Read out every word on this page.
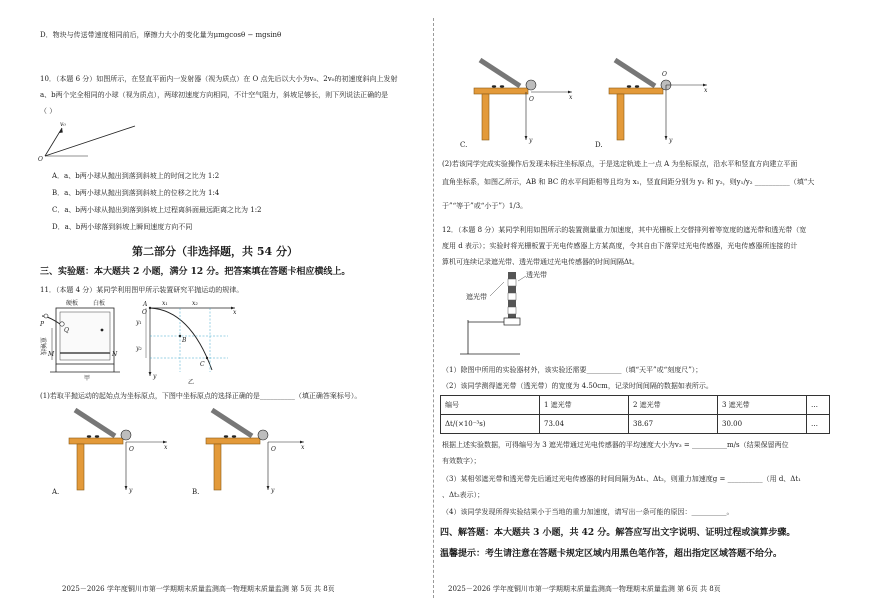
D．物块与传送带速度相同前后，摩擦力大小的变化量为μmgcosθ − mgsinθ
10．（本题 6 分）如图所示，在竖直平面内一发射器（视为质点）在 O 点先后以大小为v₀、2v₀的初速度斜向上发射
a、b两个完全相同的小球（视为质点），两球初速度方向相同，不计空气阻力，斜坡足够长，则下列说法正确的是
（ ）
v₀
O
A．a、b两小球从抛出到落到斜坡上的时间之比为 1:2
B．a、b两小球从抛出到落到斜坡上的位移之比为 1:4
C．a、b两小球从抛出到落到斜坡上过程离斜面最远距离之比为 1:2
D．a、b两小球落到斜坡上瞬间速度方向不同
第二部分（非选择题，共 54 分）
三、实验题：本大题共 2 小题，满分 12 分。把答案填在答题卡相应横线上。
11．（本题 4 分）某同学利用图甲所示装置研究平抛运动的规律。
硬板 白板
P
Q
M	N
重锤线
甲
A
B
C
O	x
y
x₁	x₂
y₁
y₂
乙
(1)若取平抛运动的起始点为坐标原点，下图中坐标原点的选择正确的是__________（填正确答案标号）。
O	x
y
A.
O	x
y
B.
2025－2026 学年度铜川市第一学期期末质量监测高一物理期末质量监测 第 5页 共 8页
O	x
y
C.
O
x
y
D.
(2)若该同学完成实验操作后发现未标注坐标原点，于是选定轨迹上一点 A 为坐标原点，沿水平和竖直方向建立平面
直角坐标系，如图乙所示，AB 和 BC 的水平间距相等且均为 x₁，竖直间距分别为 y₁ 和 y₂，则y₁/y₂ __________（填“大
于”“等于”或“小于”）1/3。
12．（本题 8 分）某同学利用如图所示的装置测量重力加速度，其中光栅板上交替排列着等宽度的遮光带和透光带（宽
度用 d 表示）；实验时将光栅板置于光电传感器上方某高度，令其自由下落穿过光电传感器，光电传感器所连接的计
算机可连续记录遮光带、透光带通过光电传感器的时间间隔Δt。
遮光带
透光带
（1）除图中所用的实验器材外，该实验还需要__________（填“天平”或“刻度尺”）；
（2）该同学测得遮光带（透光带）的宽度为 4.50cm，记录时间间隔的数据如表所示。
编号	1 遮光带	2 遮光带	3 遮光带	…
Δt/(×10⁻³s)	73.04	38.67	30.00	…
根据上述实验数据，可得编号为 3 遮光带通过光电传感器的平均速度大小为v₃ = __________m/s（结果保留两位
有效数字）；
（3）某相邻遮光带和透光带先后通过光电传感器的时间间隔为Δt₁、Δt₂，则重力加速度g = __________（用 d、Δt₁
、Δt₂表示）；
（4）该同学发现所得实验结果小于当地的重力加速度，请写出一条可能的原因：__________。
四、解答题：本大题共 3 小题，共 42 分。解答应写出文字说明、证明过程或演算步骤。
温馨提示：考生请注意在答题卡规定区域内用黑色笔作答，超出指定区域答题不给分。
2025－2026 学年度铜川市第一学期期末质量监测高一物理期末质量监测 第 6页 共 8页
